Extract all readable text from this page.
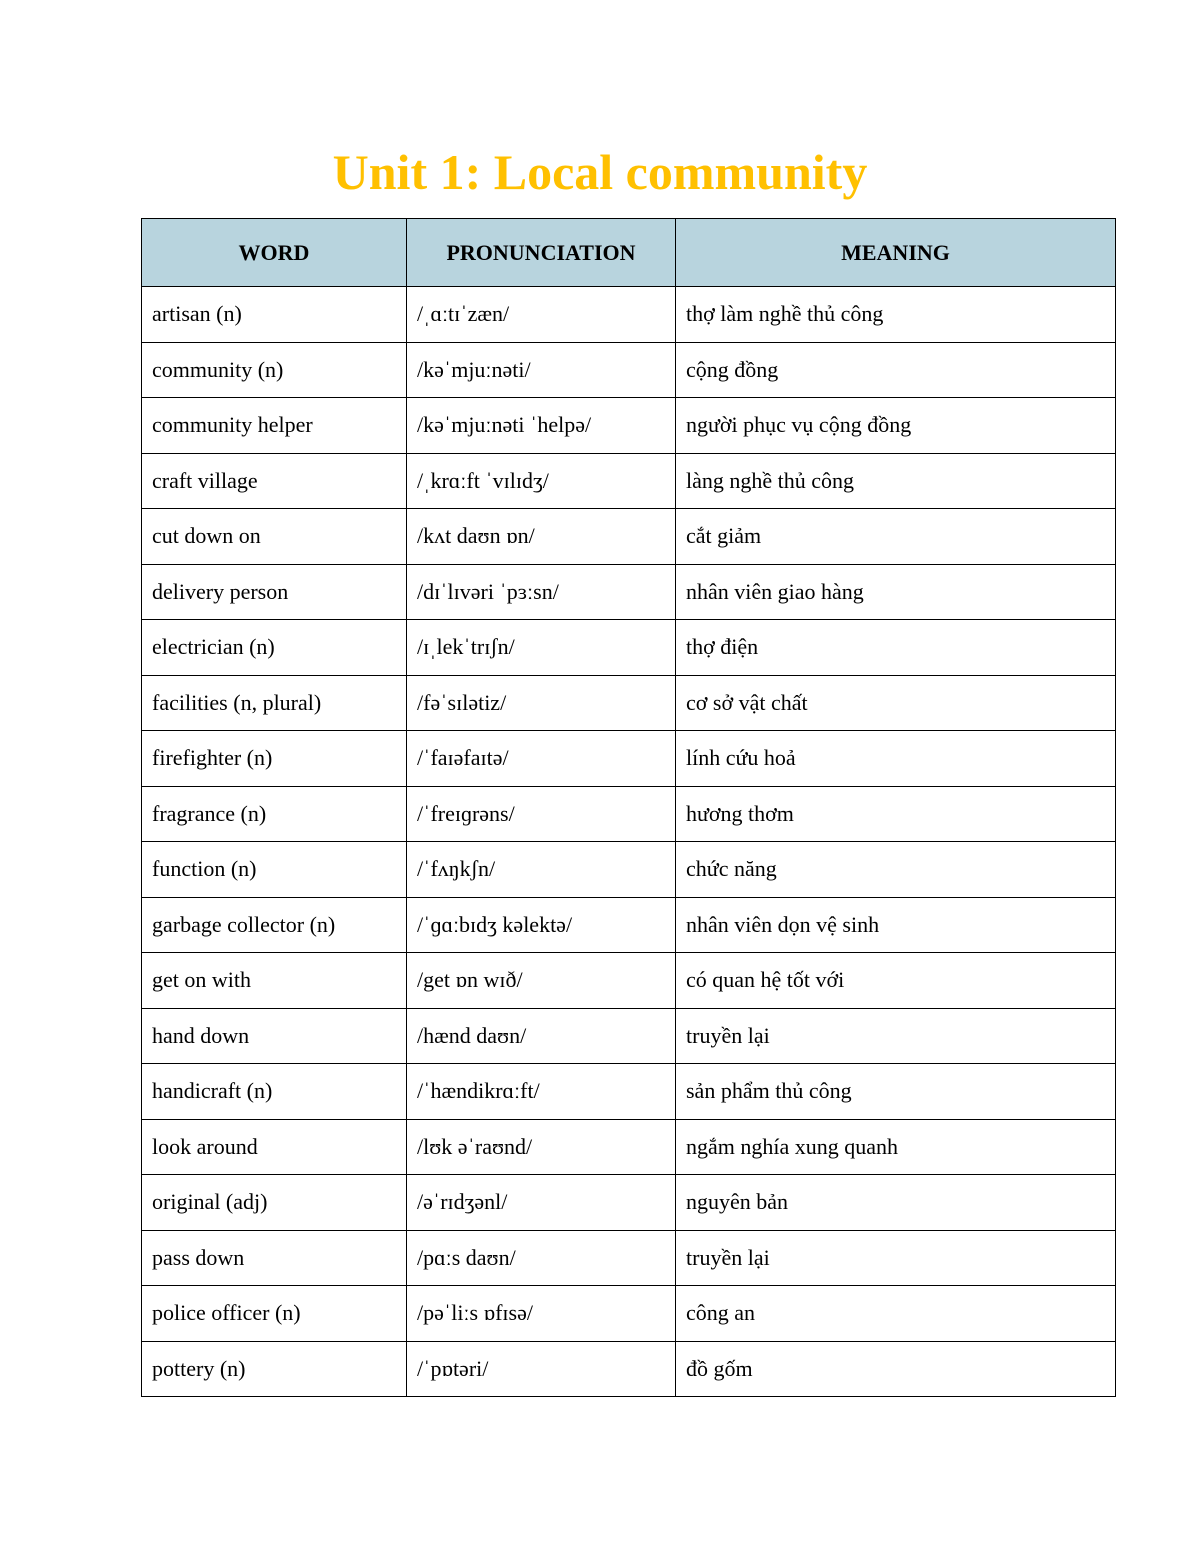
Unit 1: Local community
WORD	PRONUNCIATION	MEANING
artisan (n)	/ˌɑːtɪˈzæn/	thợ làm nghề thủ công
community (n)	/kəˈmjuːnəti/	cộng đồng
community helper	/kəˈmjuːnəti ˈhelpə/	người phục vụ cộng đồng
craft village	/ˌkrɑːft ˈvɪlɪdʒ/	làng nghề thủ công
cut down on	/kʌt daʊn ɒn/	cắt giảm
delivery person	/dɪˈlɪvəri ˈpɜːsn/	nhân viên giao hàng
electrician (n)	/ɪˌlekˈtrɪʃn/	thợ điện
facilities (n, plural)	/fəˈsɪlətiz/	cơ sở vật chất
firefighter (n)	/ˈfaɪəfaɪtə/	lính cứu hoả
fragrance (n)	/ˈfreɪɡrəns/	hương thơm
function (n)	/ˈfʌŋkʃn/	chức năng
garbage collector (n)	/ˈɡɑːbɪdʒ kəlektə/	nhân viên dọn vệ sinh
get on with	/get ɒn wɪð/	có quan hệ tốt với
hand down	/hænd daʊn/	truyền lại
handicraft (n)	/ˈhændikrɑːft/	sản phẩm thủ công
look around	/lʊk əˈraʊnd/	ngắm nghía xung quanh
original (adj)	/əˈrɪdʒənl/	nguyên bản
pass down	/pɑːs daʊn/	truyền lại
police officer (n)	/pəˈliːs ɒfɪsə/	công an
pottery (n)	/ˈpɒtəri/	đồ gốm
